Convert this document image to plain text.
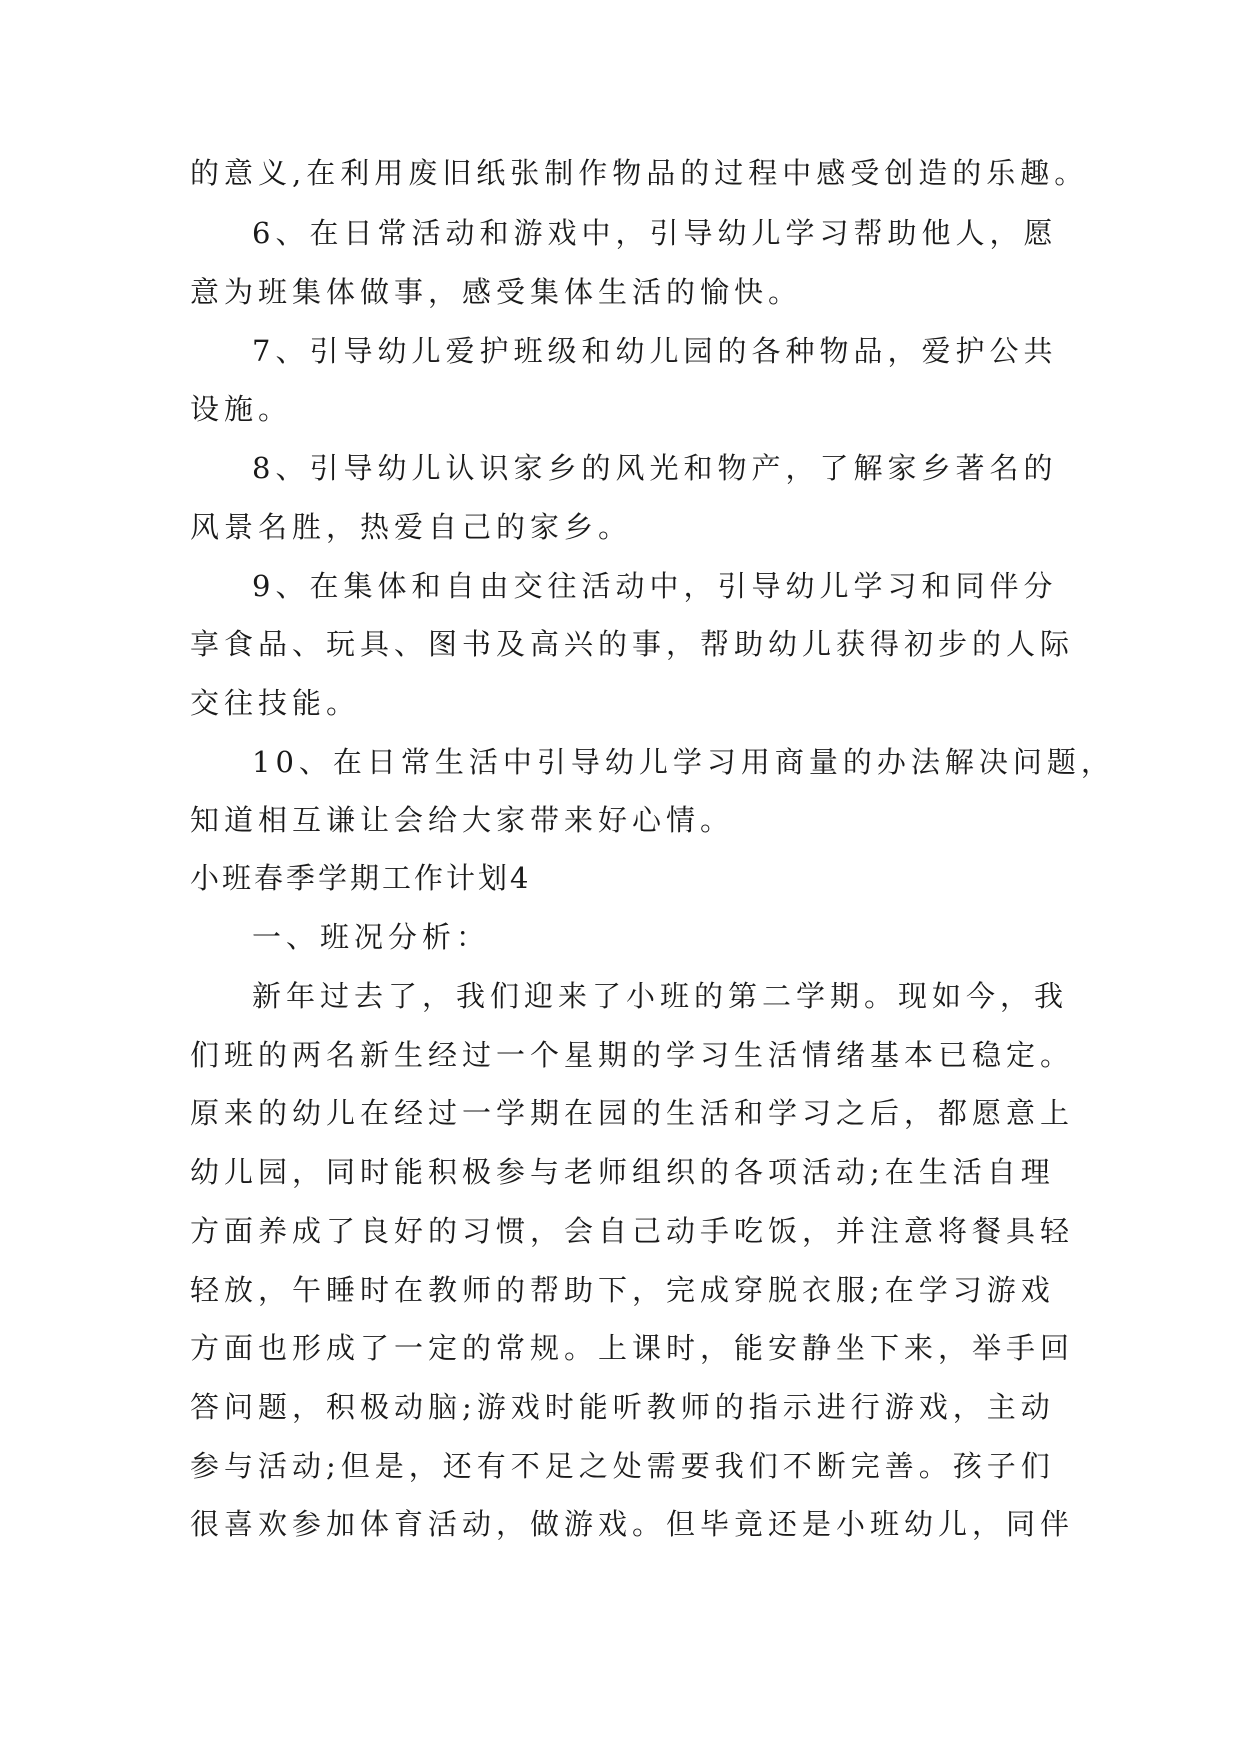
的意义,在利用废旧纸张制作物品的过程中感受创造的乐趣。

6、在日常活动和游戏中，引导幼儿学习帮助他人，愿

意为班集体做事，感受集体生活的愉快。

7、引导幼儿爱护班级和幼儿园的各种物品，爱护公共

设施。

8、引导幼儿认识家乡的风光和物产，了解家乡著名的

风景名胜，热爱自己的家乡。

9、在集体和自由交往活动中，引导幼儿学习和同伴分

享食品、玩具、图书及高兴的事，帮助幼儿获得初步的人际

交往技能。

10、在日常生活中引导幼儿学习用商量的办法解决问题，

知道相互谦让会给大家带来好心情。

小班春季学期工作计划4

一、班况分析：

新年过去了，我们迎来了小班的第二学期。现如今，我

们班的两名新生经过一个星期的学习生活情绪基本已稳定。

原来的幼儿在经过一学期在园的生活和学习之后，都愿意上

幼儿园，同时能积极参与老师组织的各项活动;在生活自理

方面养成了良好的习惯，会自己动手吃饭，并注意将餐具轻

轻放，午睡时在教师的帮助下，完成穿脱衣服;在学习游戏

方面也形成了一定的常规。上课时，能安静坐下来，举手回

答问题，积极动脑;游戏时能听教师的指示进行游戏，主动

参与活动;但是，还有不足之处需要我们不断完善。孩子们

很喜欢参加体育活动，做游戏。但毕竟还是小班幼儿，同伴
